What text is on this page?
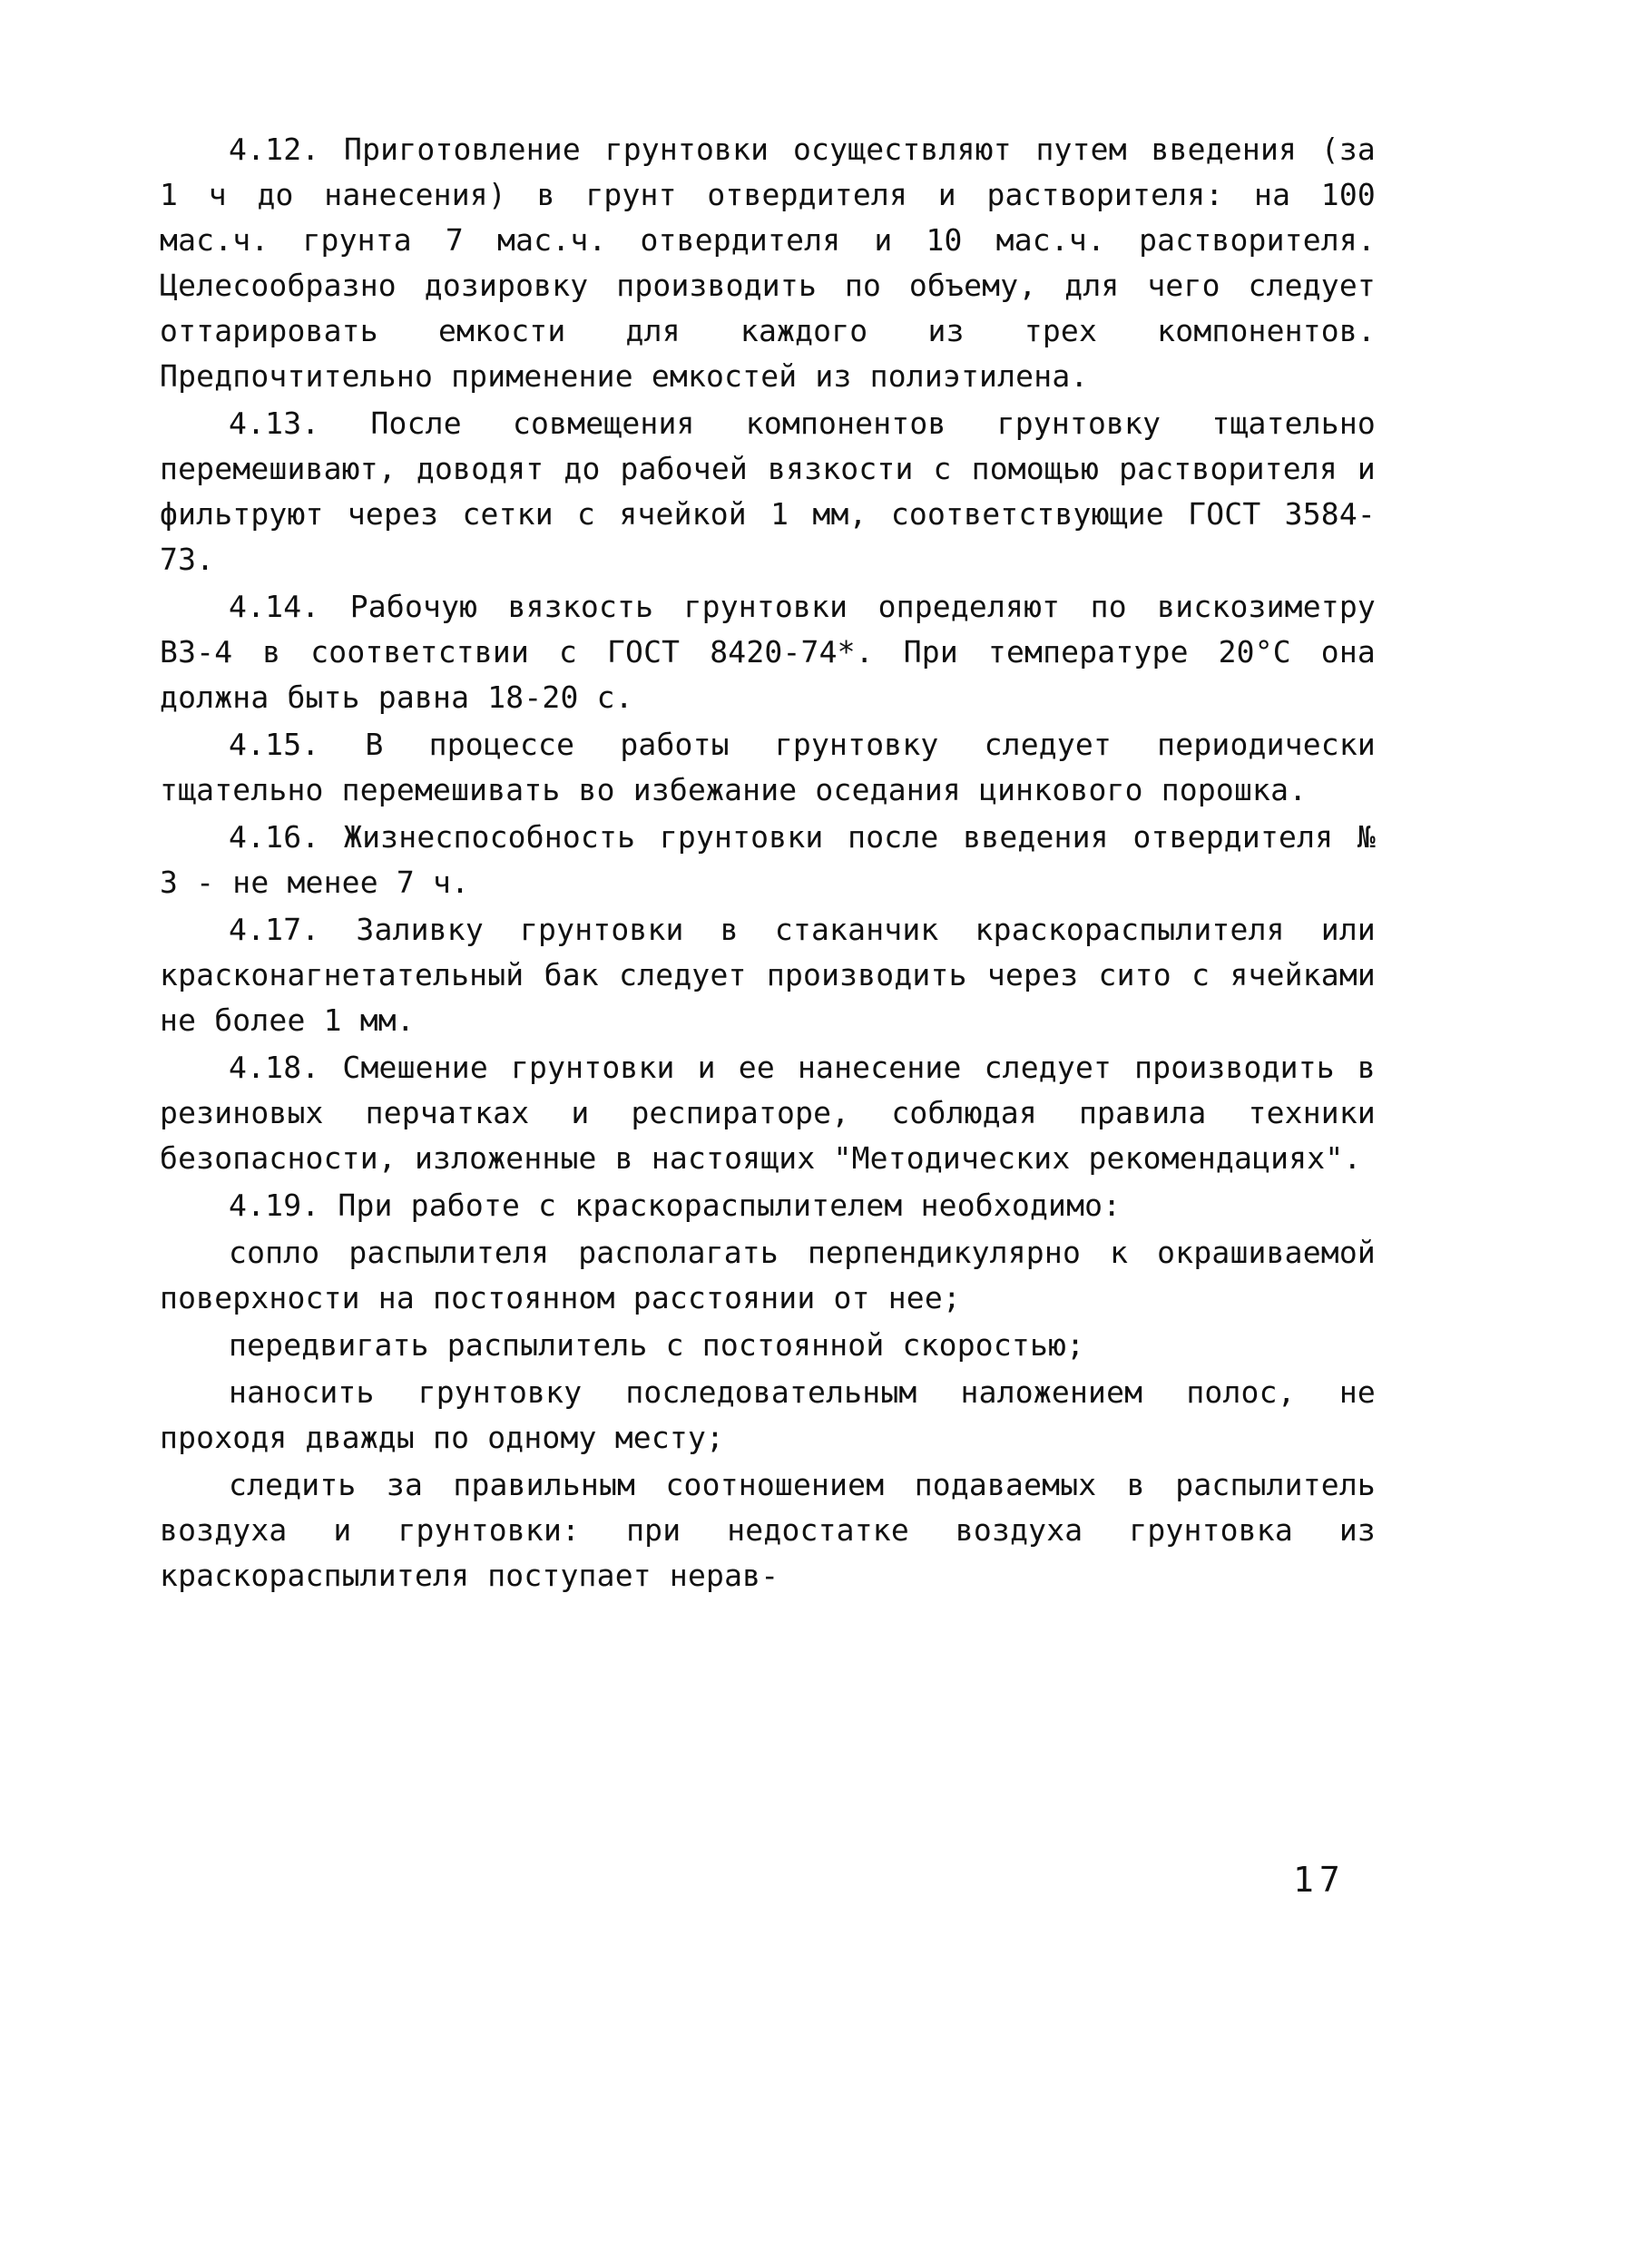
4.12. Приготовление грунтовки осуществляют путем введения (за 1 ч до нанесения) в грунт отвердителя и растворителя: на 100 мас.ч. грунта 7 мас.ч. отвердителя и 10 мас.ч. растворителя. Целесообразно дозировку производить по объему, для чего следует оттарировать емкости для каждого из трех компонентов. Предпочтительно применение емкостей из полиэтилена.

4.13. После совмещения компонентов грунтовку тщательно перемешивают, доводят до рабочей вязкости с помощью растворителя и фильтруют через сетки с ячейкой 1 мм, соответствующие ГОСТ 3584-73.

4.14. Рабочую вязкость грунтовки определяют по вискозиметру ВЗ-4 в соответствии с ГОСТ 8420-74*. При температуре 20°С она должна быть равна 18-20 с.

4.15. В процессе работы грунтовку следует периодически тщательно перемешивать во избежание оседания цинкового порошка.

4.16. Жизнеспособность грунтовки после введения отвердителя № 3 - не менее 7 ч.

4.17. Заливку грунтовки в стаканчик краскораспылителя или красконагнетательный бак следует производить через сито с ячейками не более 1 мм.

4.18. Смешение грунтовки и ее нанесение следует производить в резиновых перчатках и респираторе, соблюдая правила техники безопасности, изложенные в настоящих "Методических рекомендациях".

4.19. При работе с краскораспылителем необходимо:

сопло распылителя располагать перпендикулярно к окрашиваемой поверхности на постоянном расстоянии от нее;

передвигать распылитель с постоянной скоростью;

наносить грунтовку последовательным наложением полос, не проходя дважды по одному месту;

следить за правильным соотношением подаваемых в распылитель воздуха и грунтовки: при недостатке воздуха грунтовка из краскораспылителя поступает нерав-

17
